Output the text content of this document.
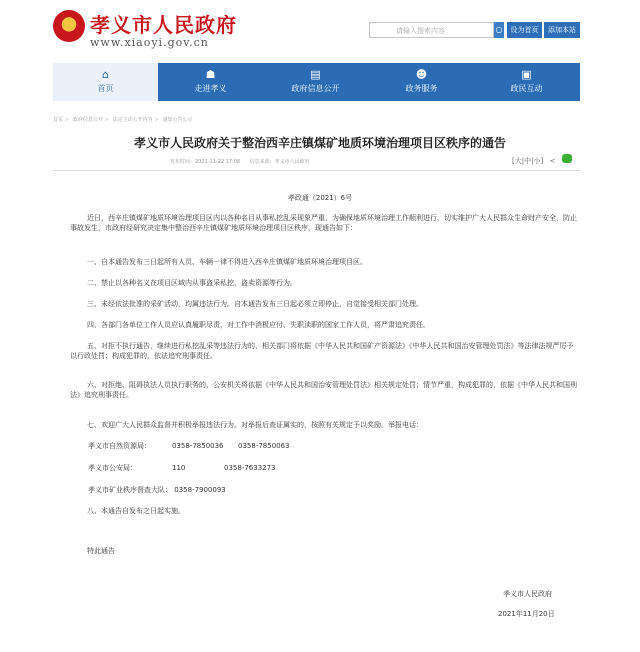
★
孝义市人民政府
www.xiaoyi.gov.cn
请输入搜索内容	○	设为首页	添加本站
⌂
首页
☗
走进孝义
▤
政府信息公开
☻
政务服务
▣
政民互动
首页 > 政府信息公开 > 法定主动公开内容 > 通知公告公示
孝义市人民政府关于整治西辛庄镇煤矿地质环境治理项目区秩序的通告
发布时间：2021-11-22 17:08 信息来源：孝义市人民政府	[大|中|小] ≺
孝政通（2021）6号
近日，西辛庄镇煤矿地质环境治理项目区内以各种名目从事私挖乱采现象严重，为确保地质环境治理工作顺利进行，切实维护广大人民群众生命财产安全，防止事故发生，市政府经研究决定集中整治西辛庄镇煤矿地质环境治理项目区秩序，现通告如下：
一、自本通告发布三日起所有人员、车辆一律不得进入西辛庄镇煤矿地质环境治理项目区。
二、禁止以各种名义在项目区域内从事盗采私挖、盗卖资源等行为。
三、未经依法批准的采矿活动，均属违法行为。自本通告发布三日起必须立即停止，自觉接受相关部门处理。
四、各部门各单位工作人员应认真履职尽责，对工作中消极应付、失职渎职的国家工作人员，将严肃追究责任。
五、对拒不执行通告，继续进行私挖乱采等违法行为的，相关部门将依据《中华人民共和国矿产资源法》《中华人民共和国治安管理处罚法》等法律法规严厉予以行政处罚；构成犯罪的，依法追究刑事责任。
六、对拒绝、阻碍执法人员执行职务的，公安机关将依据《中华人民共和国治安管理处罚法》相关规定处罚；情节严重，构成犯罪的，依据《中华人民共和国刑法》追究刑事责任。
七、欢迎广大人民群众监督并积极举报违法行为。对举报后查证属实的，按照有关规定予以奖励。举报电话：
孝义市自然资源局：	0358-7850036 0358-7850063
孝义市公安局：	110	0358-7633273
孝义市矿业秩序督查大队： 0358-7900093
八、本通告自发布之日起实施。
特此通告
孝义市人民政府
2021年11月20日
